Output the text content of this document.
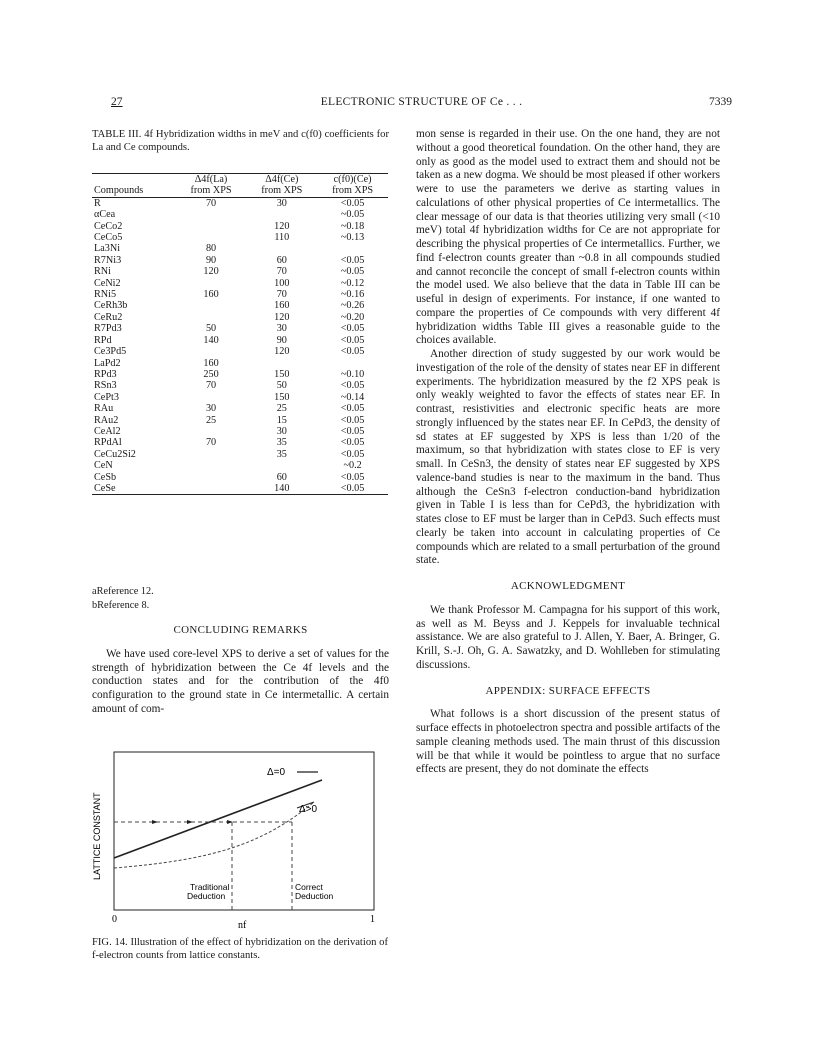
27	ELECTRONIC STRUCTURE OF Ce . . .	7339
TABLE III. 4f Hybridization widths in meV and c(f0) coefficients for La and Ce compounds.
	Δ4f(La)	Δ4f(Ce)	c(f0)(Ce)
Compounds	from XPS	from XPS	from XPS
R	70	30	<0.05
αCea			~0.05
CeCo2		120	~0.18
CeCo5		110	~0.13
La3Ni	80		
R7Ni3	90	60	<0.05
RNi	120	70	~0.05
CeNi2		100	~0.12
RNi5	160	70	~0.16
CeRh3b		160	~0.26
CeRu2		120	~0.20
R7Pd3	50	30	<0.05
RPd	140	90	<0.05
Ce3Pd5		120	<0.05
LaPd2	160		
RPd3	250	150	~0.10
RSn3	70	50	<0.05
CePt3		150	~0.14
RAu	30	25	<0.05
RAu2	25	15	<0.05
CeAl2		30	<0.05
RPdAl	70	35	<0.05
CeCu2Si2		35	<0.05
CeN			~0.2
CeSb		60	<0.05
CeSe		140	<0.05
aReference 12.
bReference 8.
CONCLUDING REMARKS

We have used core-level XPS to derive a set of values for the strength of hybridization between the Ce 4f levels and the conduction states and for the contribution of the 4f0 configuration to the ground state in Ce intermetallic. A certain amount of com-

Δ=0
Δ>0
Traditional Deduction
Correct Deduction
LATTICE CONSTANT
0	1
nf
FIG. 14. Illustration of the effect of hybridization on the derivation of f-electron counts from lattice constants.

mon sense is regarded in their use. On the one hand, they are not without a good theoretical foundation. On the other hand, they are only as good as the model used to extract them and should not be taken as a new dogma. We should be most pleased if other workers were to use the parameters we derive as starting values in calculations of other physical properties of Ce intermetallics. The clear message of our data is that theories utilizing very small (<10 meV) total 4f hybridization widths for Ce are not appropriate for describing the physical properties of Ce intermetallics. Further, we find f-electron counts greater than ~0.8 in all compounds studied and cannot reconcile the concept of small f-electron counts within the model used. We also believe that the data in Table III can be useful in design of experiments. For instance, if one wanted to compare the properties of Ce compounds with very different 4f hybridization widths Table III gives a reasonable guide to the choices available.

Another direction of study suggested by our work would be investigation of the role of the density of states near EF in different experiments. The hybridization measured by the f2 XPS peak is only weakly weighted to favor the effects of states near EF. In contrast, resistivities and electronic specific heats are more strongly influenced by the states near EF. In CePd3, the density of sd states at EF suggested by XPS is less than 1/20 of the maximum, so that hybridization with states close to EF is very small. In CeSn3, the density of states near EF suggested by XPS valence-band studies is near to the maximum in the band. Thus although the CeSn3 f-electron conduction-band hybridization given in Table I is less than for CePd3, the hybridization with states close to EF must be larger than in CePd3. Such effects must clearly be taken into account in calculating properties of Ce compounds which are related to a small perturbation of the ground state.

ACKNOWLEDGMENT

We thank Professor M. Campagna for his support of this work, as well as M. Beyss and J. Keppels for invaluable technical assistance. We are also grateful to J. Allen, Y. Baer, A. Bringer, G. Krill, S.-J. Oh, G. A. Sawatzky, and D. Wohlleben for stimulating discussions.

APPENDIX: SURFACE EFFECTS

What follows is a short discussion of the present status of surface effects in photoelectron spectra and possible artifacts of the sample cleaning methods used. The main thrust of this discussion will be that while it would be pointless to argue that no surface effects are present, they do not dominate the effects
